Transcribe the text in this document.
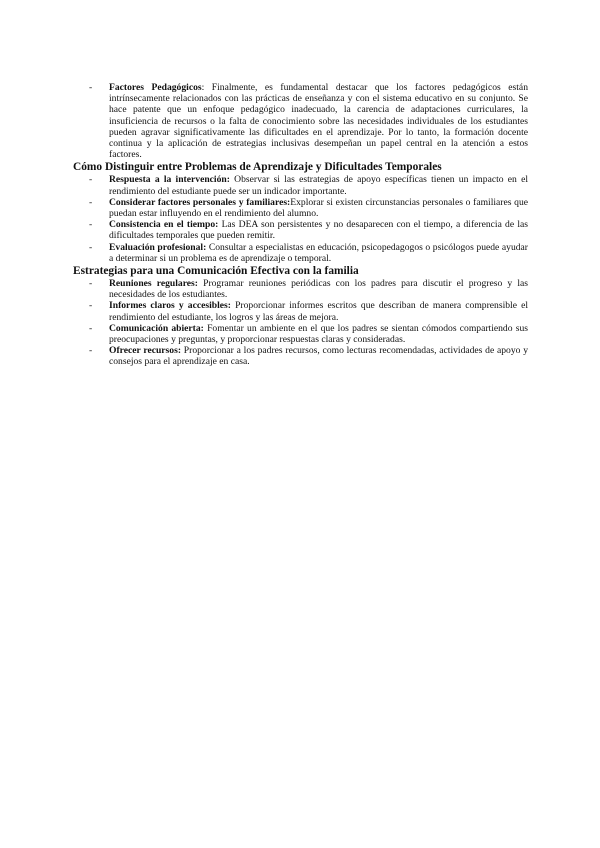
- Factores Pedagógicos: Finalmente, es fundamental destacar que los factores pedagógicos están intrínsecamente relacionados con las prácticas de enseñanza y con el sistema educativo en su conjunto. Se hace patente que un enfoque pedagógico inadecuado, la carencia de adaptaciones curriculares, la insuficiencia de recursos o la falta de conocimiento sobre las necesidades individuales de los estudiantes pueden agravar significativamente las dificultades en el aprendizaje. Por lo tanto, la formación docente continua y la aplicación de estrategias inclusivas desempeñan un papel central en la atención a estos factores.
Cómo Distinguir entre Problemas de Aprendizaje y Dificultades Temporales
- Respuesta a la intervención: Observar si las estrategias de apoyo específicas tienen un impacto en el rendimiento del estudiante puede ser un indicador importante.
- Considerar factores personales y familiares:Explorar si existen circunstancias personales o familiares que puedan estar influyendo en el rendimiento del alumno.
- Consistencia en el tiempo: Las DEA son persistentes y no desaparecen con el tiempo, a diferencia de las dificultades temporales que pueden remitir.
- Evaluación profesional: Consultar a especialistas en educación, psicopedagogos o psicólogos puede ayudar a determinar si un problema es de aprendizaje o temporal.
Estrategias para una Comunicación Efectiva con la familia
- Reuniones regulares: Programar reuniones periódicas con los padres para discutir el progreso y las necesidades de los estudiantes.
- Informes claros y accesibles: Proporcionar informes escritos que describan de manera comprensible el rendimiento del estudiante, los logros y las áreas de mejora.
- Comunicación abierta: Fomentar un ambiente en el que los padres se sientan cómodos compartiendo sus preocupaciones y preguntas, y proporcionar respuestas claras y consideradas.
- Ofrecer recursos: Proporcionar a los padres recursos, como lecturas recomendadas, actividades de apoyo y consejos para el aprendizaje en casa.
